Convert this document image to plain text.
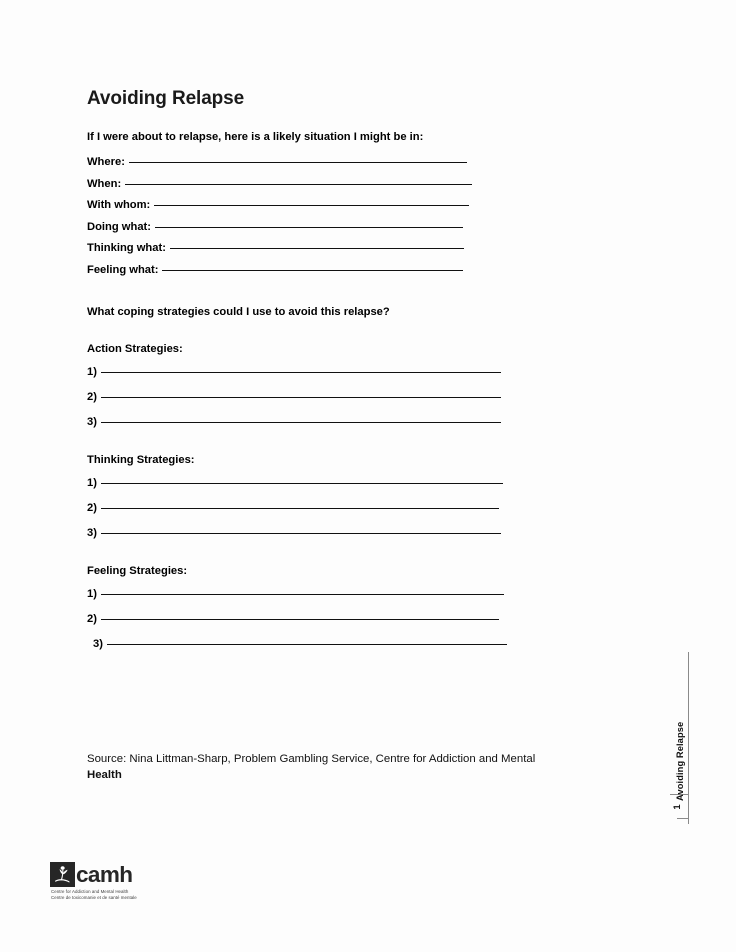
Avoiding Relapse

If I were about to relapse, here is a likely situation I might be in:

Where:
When:
With whom:
Doing what:
Thinking what:
Feeling what:

What coping strategies could I use to avoid this relapse?

Action Strategies:
1)
2)
3)
Thinking Strategies:
1)
2)
3)
Feeling Strategies:
1)
2)
3)

Source: Nina Littman-Sharp, Problem Gambling Service, Centre for Addiction and Mental Health	Avoiding Relapse
1
camh
Centre for Addiction and Mental Health
Centre de toxicomanie et de santé mentale
